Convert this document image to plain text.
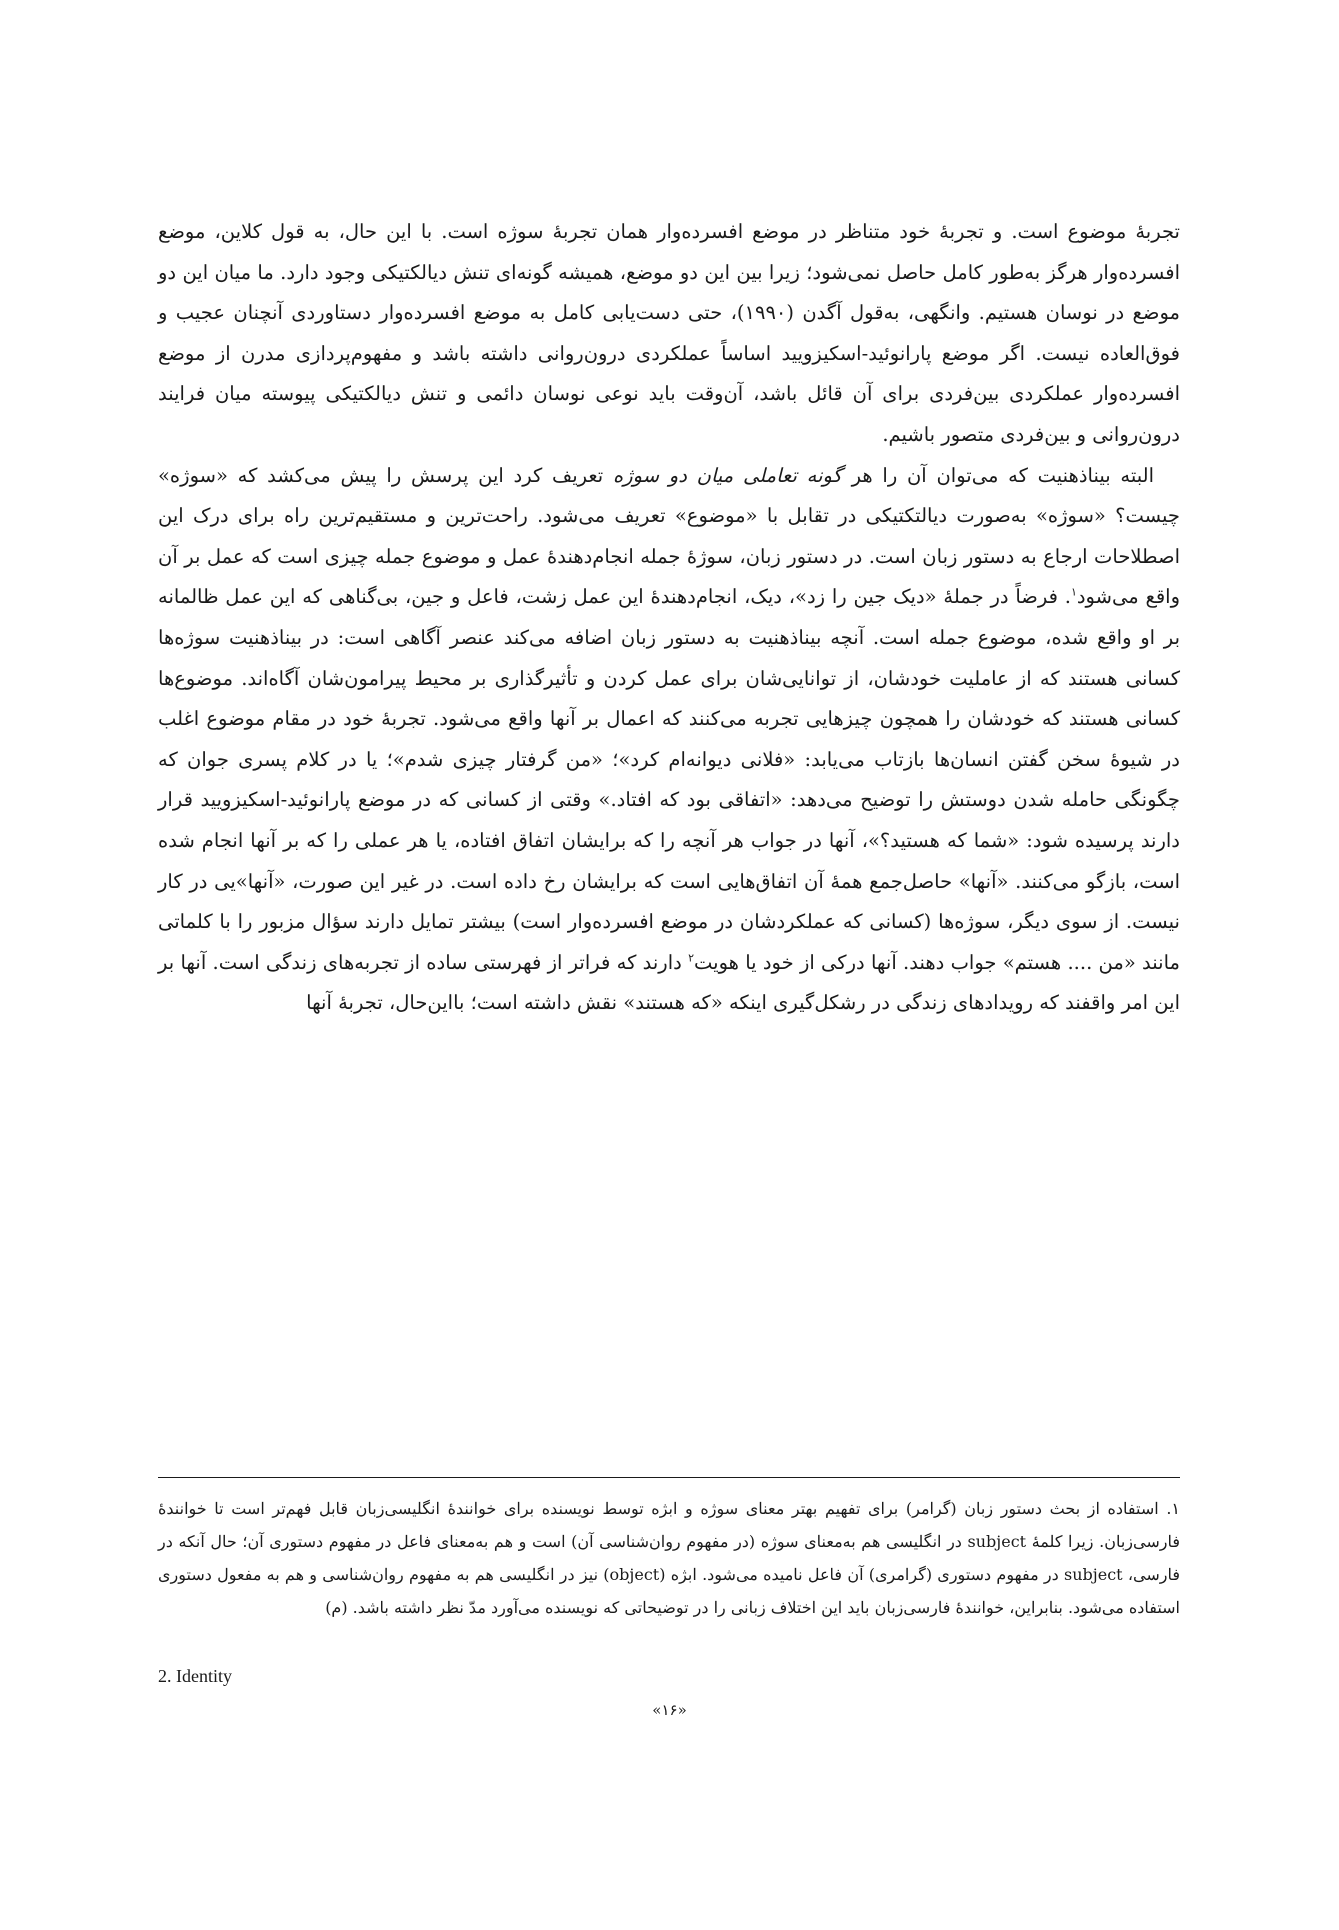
تجربهٔ موضوع است. و تجربهٔ خود متناظر در موضع افسرده‌وار همان تجربهٔ سوژه است. با این حال، به قول کلاین، موضع افسرده‌وار هرگز به‌طور کامل حاصل نمی‌شود؛ زیرا بین این دو موضع، همیشه گونه‌ای تنش دیالکتیکی وجود دارد. ما میان این دو موضع در نوسان هستیم. وانگهی، به‌قول آگدن (۱۹۹۰)، حتی دست‌یابی کامل به موضع افسرده‌وار دستاوردی آنچنان عجیب و فوق‌العاده نیست. اگر موضع پارانوئید-اسکیزویید اساساً عملکردی درون‌روانی داشته باشد و مفهوم‌پردازی مدرن از موضع افسرده‌وار عملکردی بین‌فردی برای آن قائل باشد، آن‌وقت باید نوعی نوسان دائمی و تنش دیالکتیکی پیوسته میان فرایند درون‌روانی و بین‌فردی متصور باشیم.

البته بیناذهنیت که می‌توان آن را هر گونه تعاملی میان دو سوژه تعریف کرد این پرسش را پیش می‌کشد که «سوژه» چیست؟ «سوژه» به‌صورت دیالتکتیکی در تقابل با «موضوع» تعریف می‌شود. راحت‌ترین و مستقیم‌ترین راه برای درک این اصطلاحات ارجاع به دستور زبان است. در دستور زبان، سوژهٔ جمله انجام‌دهندهٔ عمل و موضوع جمله چیزی است که عمل بر آن واقع می‌شود$^۱$. فرضاً در جملهٔ «دیک جین را زد»، دیک، انجام‌دهندهٔ این عمل زشت، فاعل و جین، بی‌گناهی که این عمل ظالمانه بر او واقع شده، موضوع جمله است. آنچه بیناذهنیت به دستور زبان اضافه می‌کند عنصر آگاهی است: در بیناذهنیت سوژه‌ها کسانی هستند که از عاملیت خودشان، از توانایی‌شان برای عمل کردن و تأثیرگذاری بر محیط پیرامون‌شان آگاه‌اند. موضوع‌ها کسانی هستند که خودشان را همچون چیزهایی تجربه می‌کنند که اعمال بر آنها واقع می‌شود. تجربهٔ خود در مقام موضوع اغلب در شیوهٔ سخن گفتن انسان‌ها بازتاب می‌یابد: «فلانی دیوانه‌ام کرد»؛ «من گرفتار چیزی شدم»؛ یا در کلام پسری جوان که چگونگی حامله شدن دوستش را توضیح می‌دهد: «اتفاقی بود که افتاد.» وقتی از کسانی که در موضع پارانوئید-اسکیزویید قرار دارند پرسیده شود: «شما که هستید؟»، آنها در جواب هر آنچه را که برایشان اتفاق افتاده، یا هر عملی را که بر آنها انجام شده است، بازگو می‌کنند. «آنها» حاصل‌جمع همهٔ آن اتفاق‌هایی است که برایشان رخ داده است. در غیر این صورت، «آنها»یی در کار نیست. از سوی دیگر، سوژه‌ها (کسانی که عملکردشان در موضع افسرده‌وار است) بیشتر تمایل دارند سؤال مزبور را با کلماتی مانند «من .... هستم» جواب دهند. آنها درکی از خود یا هویت$^۲$ دارند که فراتر از فهرستی ساده از تجربه‌های زندگی است. آنها بر این امر واقفند که رویدادهای زندگی در رشکل‌گیری اینکه «که هستند» نقش داشته است؛ بااین‌حال، تجربهٔ آنها

۱. استفاده از بحث دستور زبان (گرامر) برای تفهیم بهتر معنای سوژه و ابژه توسط نویسنده برای خوانندهٔ انگلیسی‌زبان قابل فهم‌تر است تا خوانندهٔ فارسی‌زبان. زیرا کلمهٔ subject در انگلیسی هم به‌معنای سوژه (در مفهوم روان‌شناسی آن) است و هم به‌معنای فاعل در مفهوم دستوری آن؛ حال آنکه در فارسی، subject در مفهوم دستوری (گرامری) آن فاعل نامیده می‌شود. ابژه (object) نیز در انگلیسی هم به مفهوم روان‌شناسی و هم به مفعول دستوری استفاده می‌شود. بنابراین، خوانندهٔ فارسی‌زبان باید این اختلاف زبانی را در توضیحاتی که نویسنده می‌آورد مدّ نظر داشته باشد. (م)

2. Identity
«۱۶»
